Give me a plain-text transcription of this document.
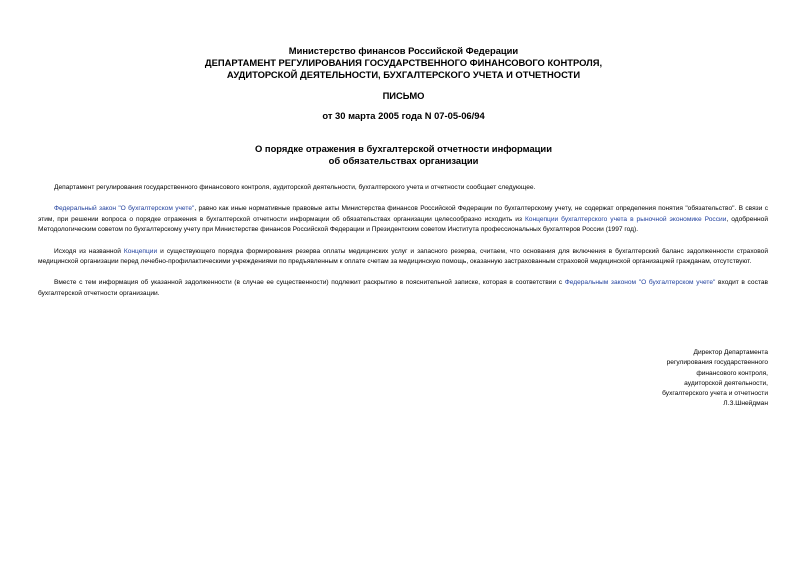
Министерство финансов Российской Федерации
ДЕПАРТАМЕНТ РЕГУЛИРОВАНИЯ ГОСУДАРСТВЕННОГО ФИНАНСОВОГО КОНТРОЛЯ,
АУДИТОРСКОЙ ДЕЯТЕЛЬНОСТИ, БУХГАЛТЕРСКОГО УЧЕТА И ОТЧЕТНОСТИ
ПИСЬМО
от 30 марта 2005 года N 07-05-06/94
О порядке отражения в бухгалтерской отчетности информации
об обязательствах организации

Департамент регулирования государственного финансового контроля, аудиторской деятельности, бухгалтерского учета и отчетности сообщает следующее.

Федеральный закон "О бухгалтерском учете", равно как иные нормативные правовые акты Министерства финансов Российской Федерации по бухгалтерскому учету, не содержат определения понятия "обязательство". В связи с этим, при решении вопроса о порядке отражения в бухгалтерской отчетности информации об обязательствах организации целесообразно исходить из Концепции бухгалтерского учета в рыночной экономике России, одобренной Методологическим советом по бухгалтерскому учету при Министерстве финансов Российской Федерации и Президентским советом Института профессиональных бухгалтеров России (1997 год).

Исходя из названной Концепции и существующего порядка формирования резерва оплаты медицинских услуг и запасного резерва, считаем, что основания для включения в бухгалтерский баланс задолженности страховой медицинской организации перед лечебно-профилактическими учреждениями по предъявленным к оплате счетам за медицинскую помощь, оказанную застрахованным страховой медицинской организацией гражданам, отсутствуют.

Вместе с тем информация об указанной задолженности (в случае ее существенности) подлежит раскрытию в пояснительной записке, которая в соответствии с Федеральным законом "О бухгалтерском учете" входит в состав бухгалтерской отчетности организации.

Директор Департамента
регулирования государственного
финансового контроля,
аудиторской деятельности,
бухгалтерского учета и отчетности
Л.З.Шнейдман
